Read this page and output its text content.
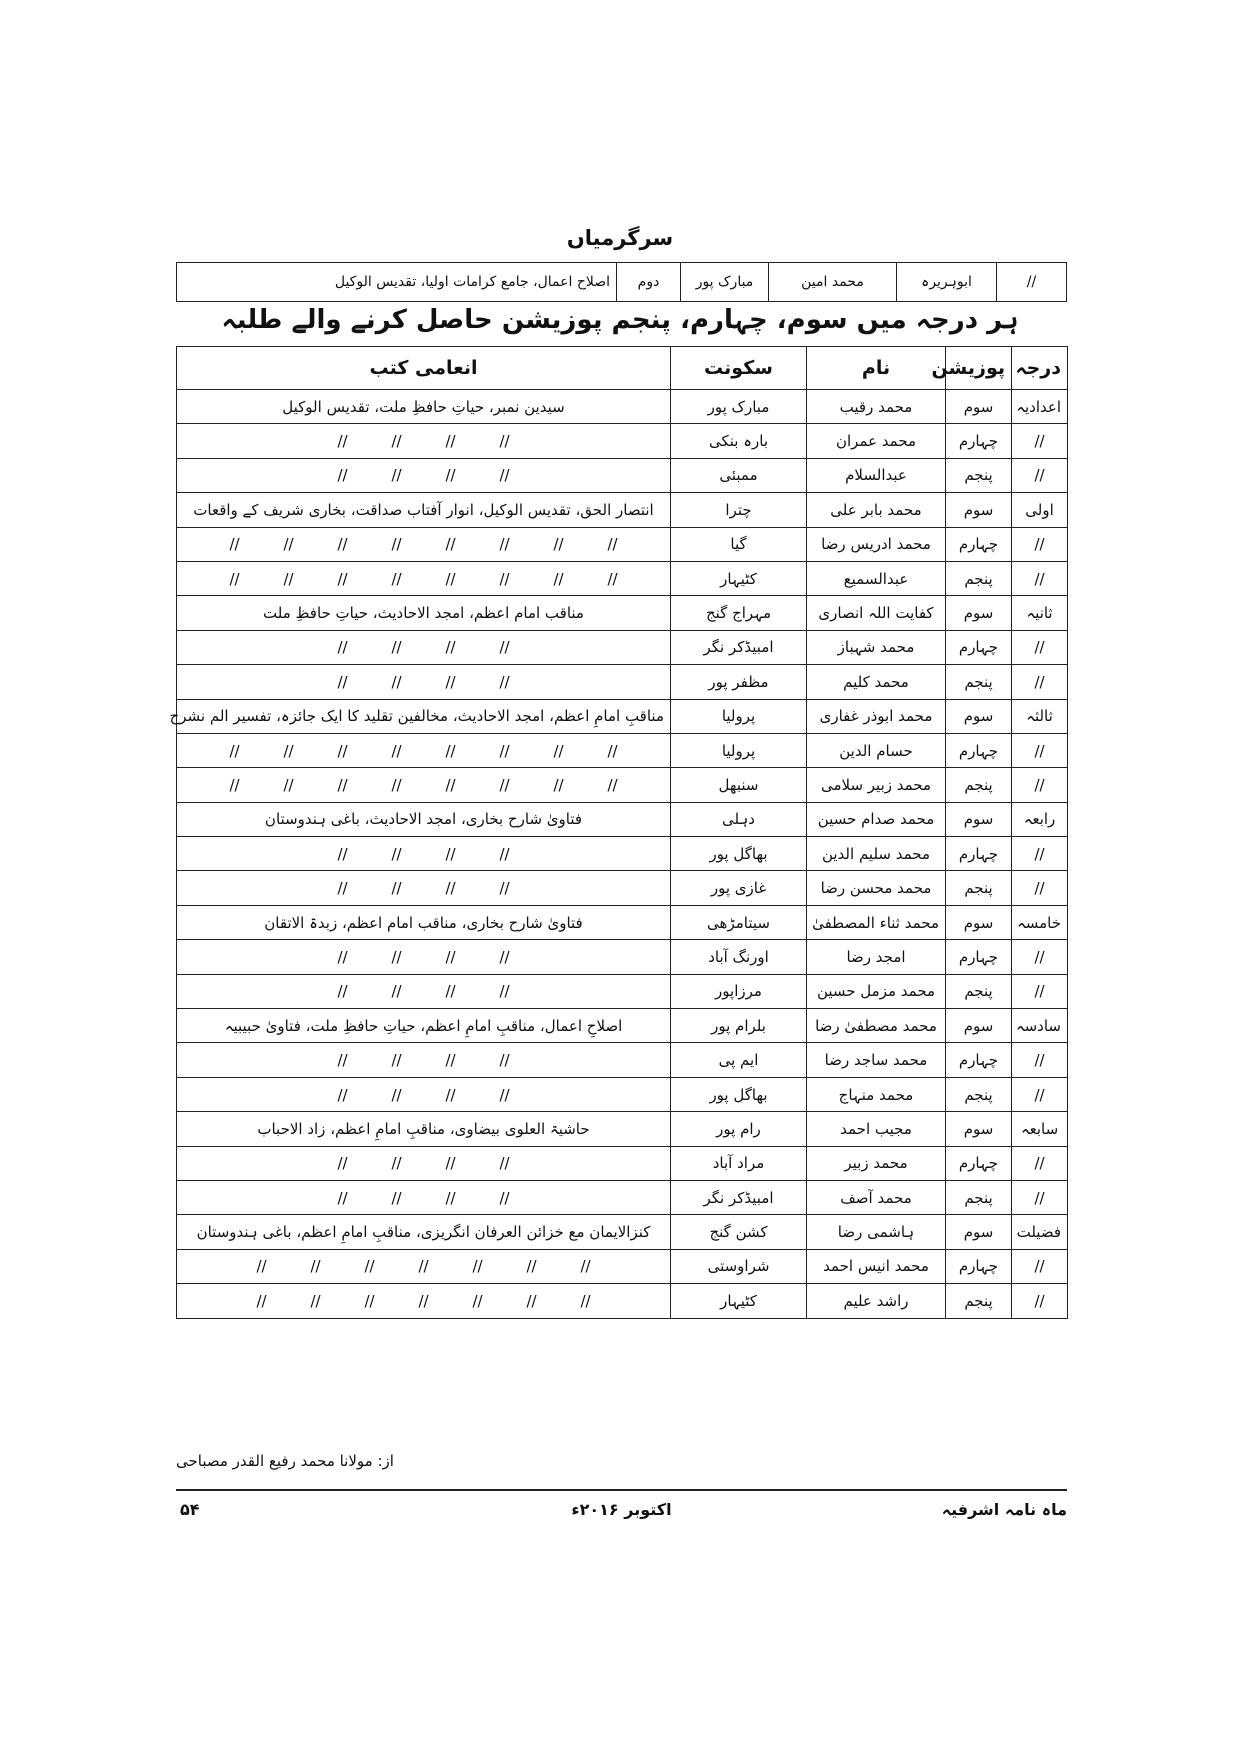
سرگرمیاں
//	ابوہریرہ	محمد امین	مبارک پور	دوم	اصلاح اعمال، جامع کرامات اولیا، تقدیس الوکیل
ہر درجہ میں سوم، چہارم، پنجم پوزیشن حاصل کرنے والے طلبہ
درجہ	پوزیشن	نام	سکونت	انعامی کتب
اعدادیہ	سوم	محمد رقیب	مبارک پور	سیدین نمبر، حیاتِ حافظِ ملت، تقدیس الوکیل
//	چہارم	محمد عمران	بارہ بنکی	////////
//	پنجم	عبدالسلام	ممبئی	////////
اولی	سوم	محمد بابر علی	چترا	انتصار الحق، تقدیس الوکیل، انوار آفتاب صداقت، بخاری شریف کے واقعات
//	چہارم	محمد ادریس رضا	گیا	////////////////
//	پنجم	عبدالسمیع	کٹیہار	////////////////
ثانیہ	سوم	کفایت اللہ انصاری	مہراج گنج	مناقب امام اعظم، امجد الاحادیث، حیاتِ حافظِ ملت
//	چہارم	محمد شہباز	امبیڈکر نگر	////////
//	پنجم	محمد کلیم	مظفر پور	////////
ثالثہ	سوم	محمد ابوذر غفاری	پرولیا	مناقبِ امامِ اعظم، امجد الاحادیث، مخالفین تقلید کا ایک جائزہ، تفسیر الم نشرح
//	چہارم	حسام الدین	پرولیا	////////////////
//	پنجم	محمد زبیر سلامی	سنبھل	////////////////
رابعہ	سوم	محمد صدام حسین	دہلی	فتاویٰ شارح بخاری، امجد الاحادیث، باغی ہندوستان
//	چہارم	محمد سلیم الدین	بھاگل پور	////////
//	پنجم	محمد محسن رضا	غازی پور	////////
خامسہ	سوم	محمد ثناء المصطفیٰ	سیتامڑھی	فتاویٰ شارح بخاری، مناقب امام اعظم، زبدۃ الاتقان
//	چہارم	امجد رضا	اورنگ آباد	////////
//	پنجم	محمد مزمل حسین	مرزاپور	////////
سادسہ	سوم	محمد مصطفیٰ رضا	بلرام پور	اصلاحِ اعمال، مناقبِ امامِ اعظم، حیاتِ حافظِ ملت، فتاویٰ حبیبیہ
//	چہارم	محمد ساجد رضا	ایم پی	////////
//	پنجم	محمد منہاج	بھاگل پور	////////
سابعہ	سوم	مجیب احمد	رام پور	حاشیۃ العلوی بیضاوی، مناقبِ امامِ اعظم، زاد الاحباب
//	چہارم	محمد زبیر	مراد آباد	////////
//	پنجم	محمد آصف	امبیڈکر نگر	////////
فضیلت	سوم	ہاشمی رضا	کشن گنج	کنزالایمان مع خزائن العرفان انگریزی، مناقبِ امامِ اعظم، باغی ہندوستان
//	چہارم	محمد انیس احمد	شراوستی	//////////////
//	پنجم	راشد علیم	کٹیہار	//////////////
از: مولانا محمد رفیع القدر مصباحی
ماہ نامہ اشرفیہ
اکتوبر ۲۰۱۶ء
۵۴
